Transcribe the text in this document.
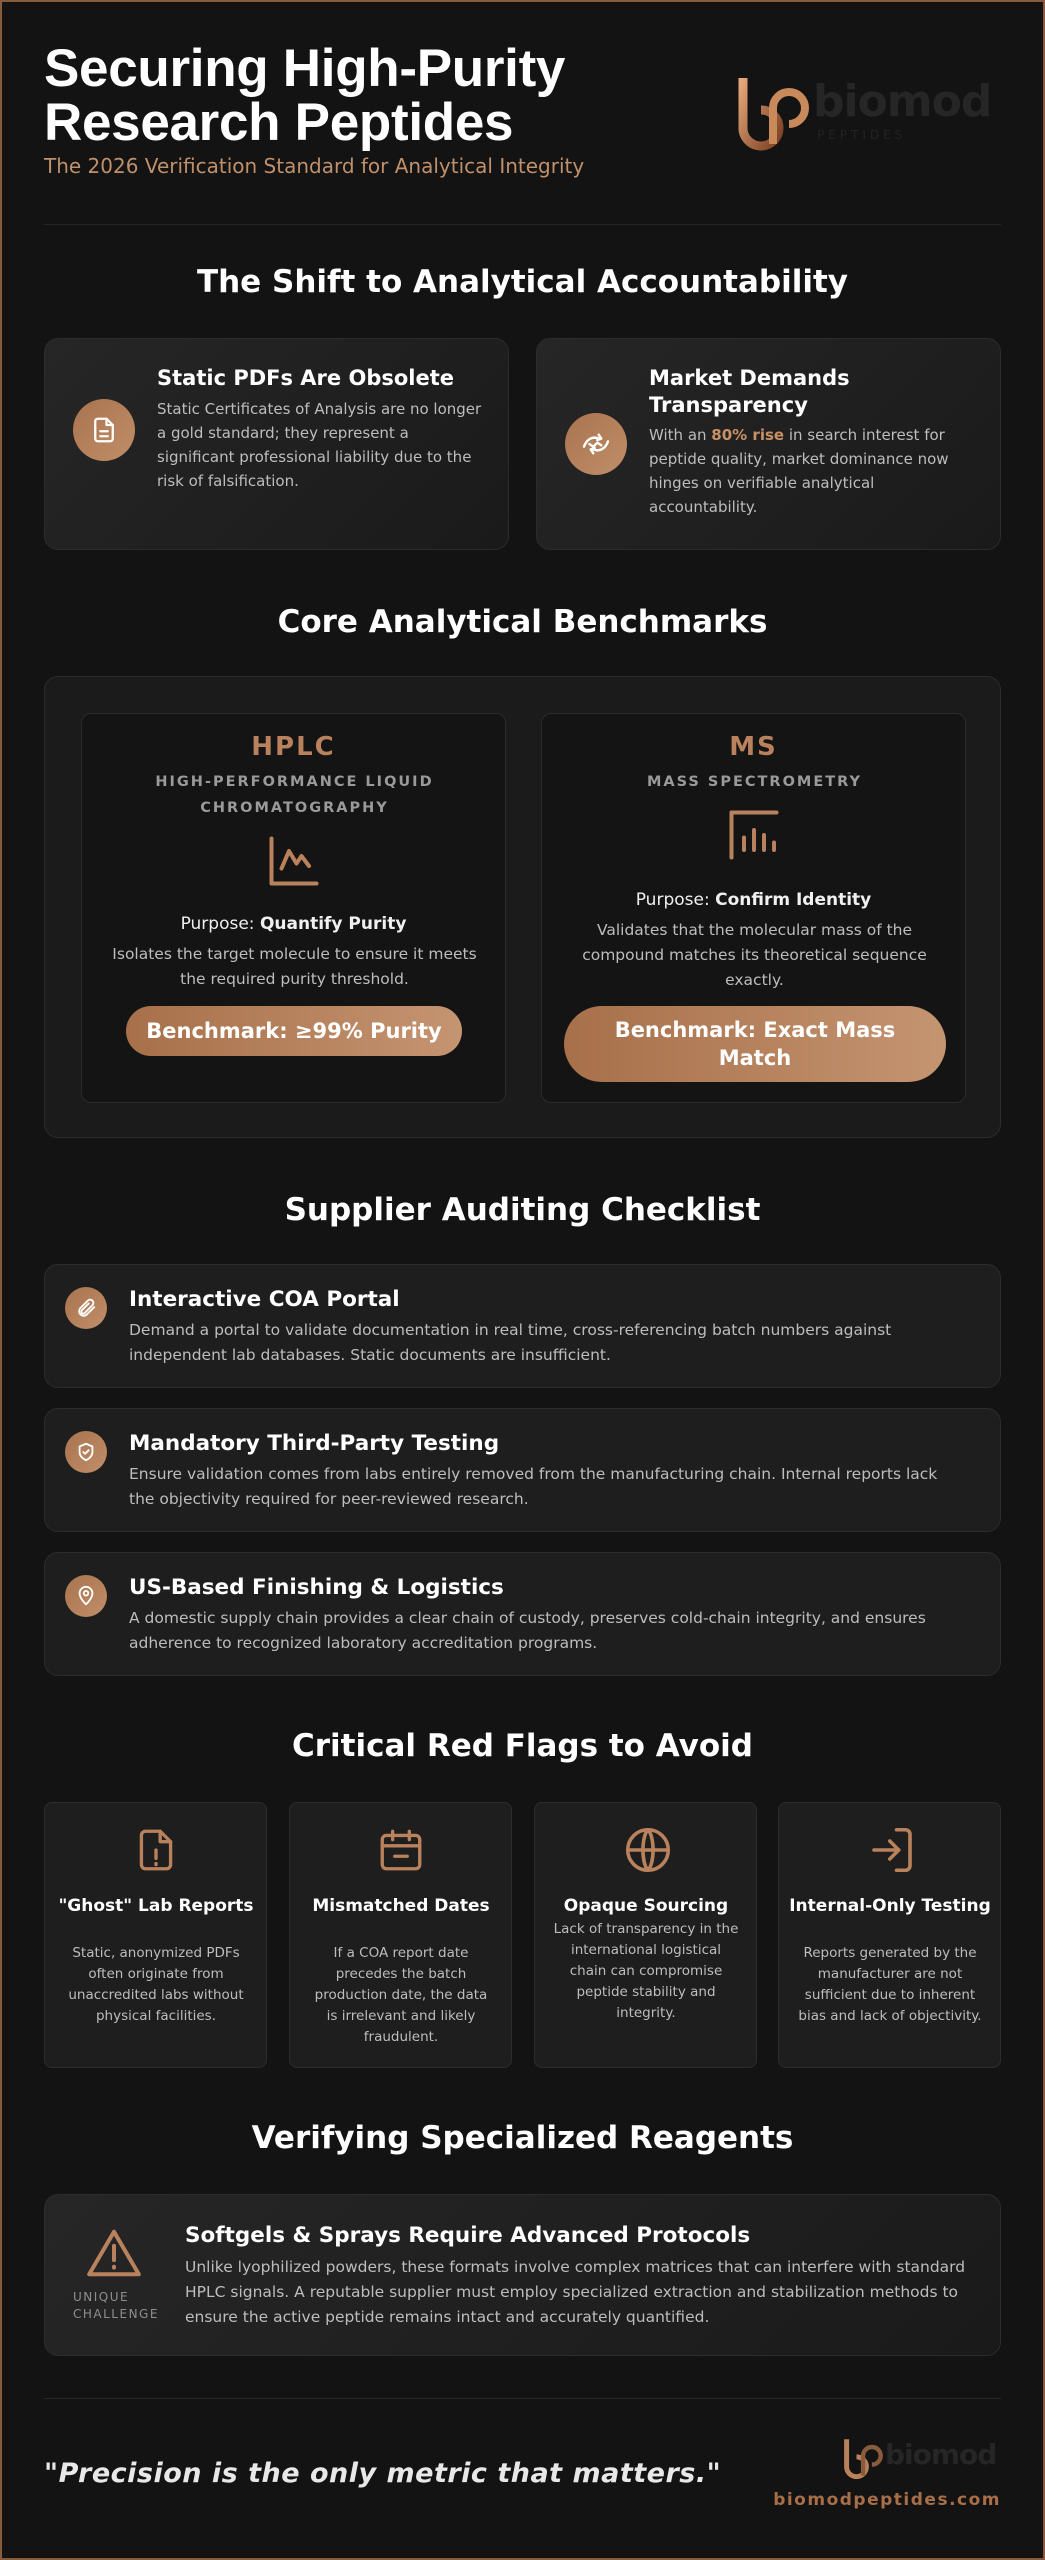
Securing High-Purity
Research Peptides
The 2026 Verification Standard for Analytical Integrity
biomod
PEPTIDES
The Shift to Analytical Accountability
Static PDFs Are Obsolete
Static Certificates of Analysis are no longer a gold standard; they represent a significant professional liability due to the risk of falsification.
Market Demands Transparency
With an 80% rise in search interest for peptide quality, market dominance now hinges on verifiable analytical accountability.
Core Analytical Benchmarks
HPLC
HIGH-PERFORMANCE LIQUID CHROMATOGRAPHY
Purpose: Quantify Purity
Isolates the target molecule to ensure it meets the required purity threshold.
Benchmark: ≥99% Purity
MS
MASS SPECTROMETRY
Purpose: Confirm Identity
Validates that the molecular mass of the compound matches its theoretical sequence exactly.
Benchmark: Exact Mass Match
Supplier Auditing Checklist
Interactive COA Portal
Demand a portal to validate documentation in real time, cross-referencing batch numbers against independent lab databases. Static documents are insufficient.
Mandatory Third-Party Testing
Ensure validation comes from labs entirely removed from the manufacturing chain. Internal reports lack the objectivity required for peer-reviewed research.
US-Based Finishing & Logistics
A domestic supply chain provides a clear chain of custody, preserves cold-chain integrity, and ensures adherence to recognized laboratory accreditation programs.
Critical Red Flags to Avoid
"Ghost" Lab Reports
Static, anonymized PDFs often originate from unaccredited labs without physical facilities.
Mismatched Dates
If a COA report date precedes the batch production date, the data is irrelevant and likely fraudulent.
Opaque Sourcing
Lack of transparency in the international logistical chain can compromise peptide stability and integrity.
Internal-Only Testing
Reports generated by the manufacturer are not sufficient due to inherent bias and lack of objectivity.
Verifying Specialized Reagents
UNIQUE
CHALLENGE
Softgels & Sprays Require Advanced Protocols
Unlike lyophilized powders, these formats involve complex matrices that can interfere with standard HPLC signals. A reputable supplier must employ specialized extraction and stabilization methods to ensure the active peptide remains intact and accurately quantified.
"Precision is the only metric that matters."
biomod
biomodpeptides.com
